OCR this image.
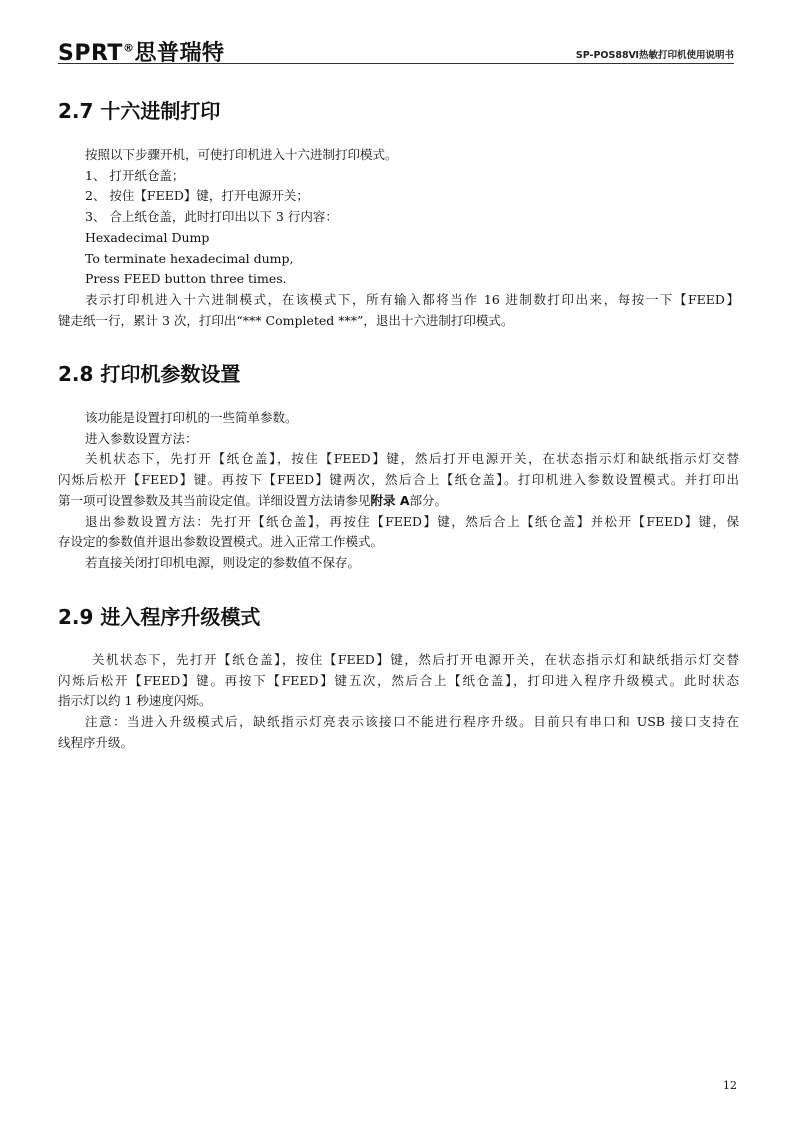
SPRT®思普瑞特	SP-POS88Ⅵ热敏打印机使用说明书
2.7 十六进制打印
按照以下步骤开机，可使打印机进入十六进制打印模式。
1、 打开纸仓盖；
2、 按住【FEED】键，打开电源开关；
3、 合上纸仓盖，此时打印出以下 3 行内容：
Hexadecimal Dump
To terminate hexadecimal dump,
Press FEED button three times.
表示打印机进入十六进制模式，在该模式下，所有输入都将当作 16 进制数打印出来，每按一下【FEED】
键走纸一行，累计 3 次，打印出“*** Completed ***”，退出十六进制打印模式。
2.8 打印机参数设置
该功能是设置打印机的一些简单参数。
进入参数设置方法：
关机状态下，先打开【纸仓盖】，按住【FEED】键，然后打开电源开关，在状态指示灯和缺纸指示灯交替
闪烁后松开【FEED】键。再按下【FEED】键两次，然后合上【纸仓盖】。打印机进入参数设置模式。并打印出
第一项可设置参数及其当前设定值。详细设置方法请参见附录 A部分。
退出参数设置方法：先打开【纸仓盖】，再按住【FEED】键，然后合上【纸仓盖】并松开【FEED】键，保
存设定的参数值并退出参数设置模式。进入正常工作模式。
若直接关闭打印机电源，则设定的参数值不保存。
2.9 进入程序升级模式
关机状态下，先打开【纸仓盖】，按住【FEED】键，然后打开电源开关，在状态指示灯和缺纸指示灯交替
闪烁后松开【FEED】键。再按下【FEED】键五次，然后合上【纸仓盖】，打印进入程序升级模式。此时状态
指示灯以约 1 秒速度闪烁。
注意：当进入升级模式后，缺纸指示灯亮表示该接口不能进行程序升级。目前只有串口和 USB 接口支持在
线程序升级。
12
